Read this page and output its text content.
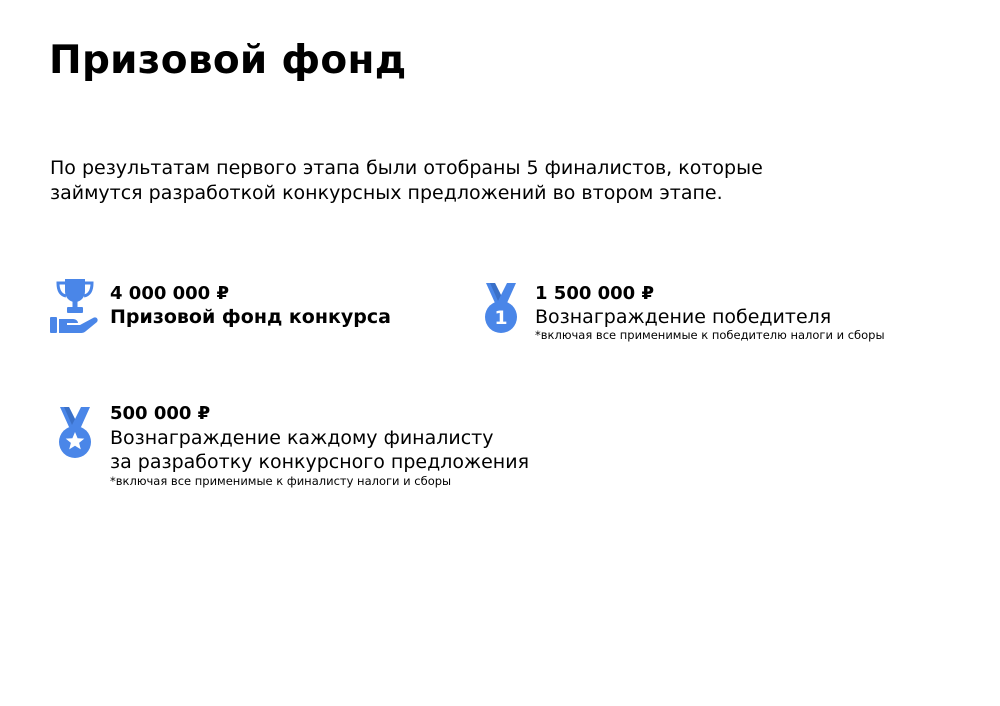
Призовой фонд

По результатам первого этапа были отобраны 5 финалистов, которые

займутся разработкой конкурсных предложений во втором этапе.

4 000 000 ₽
Призовой фонд конкурса	1
1 500 000 ₽
Вознаграждение победителя
*включая все применимые к победителю налоги и сборы
500 000 ₽
Вознаграждение каждому финалисту
за разработку конкурсного предложения
*включая все применимые к финалисту налоги и сборы
